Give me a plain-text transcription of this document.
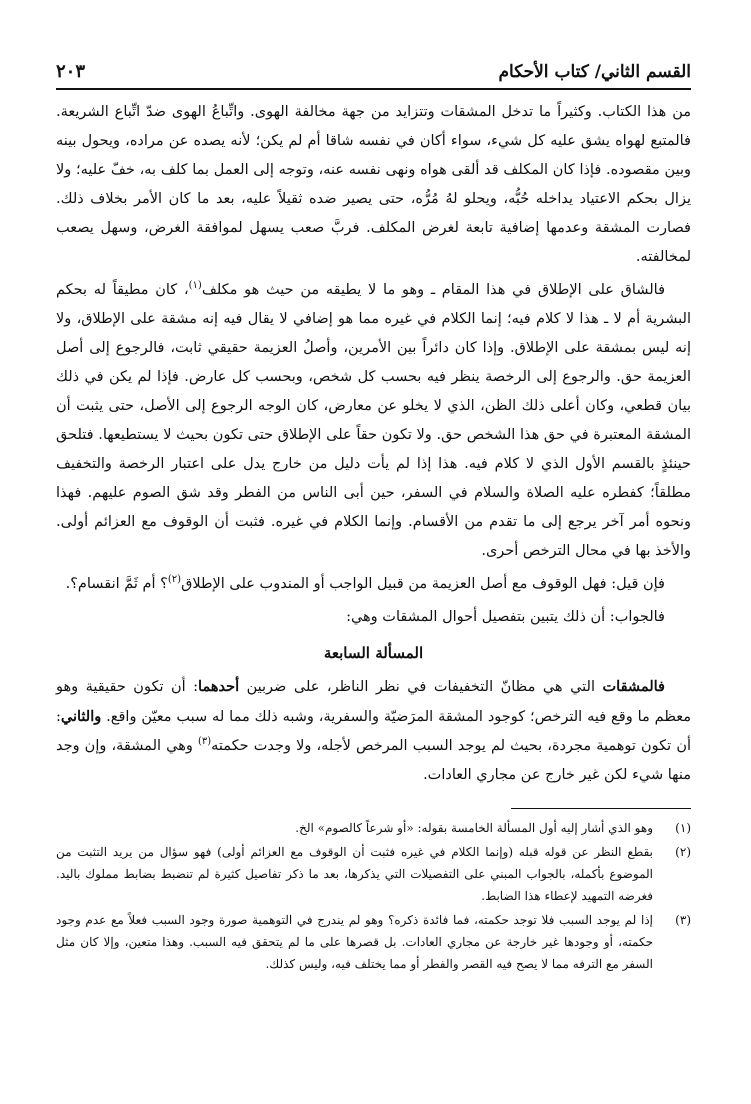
القسم الثاني/ كتاب الأحكام
٢٠٣

من هذا الكتاب. وكثيراً ما تدخل المشقات وتتزايد من جهة مخالفة الهوى. واتِّباعُ الهوى ضدّ اتِّباع الشريعة. فالمتبع لهواه يشق عليه كل شيء، سواء أكان في نفسه شاقا أم لم يكن؛ لأنه يصده عن مراده، ويحول بينه وبين مقصوده. فإذا كان المكلف قد ألقى هواه ونهى نفسه عنه، وتوجه إلى العمل بما كلف به، خفّ عليه؛ ولا يزال بحكم الاعتياد يداخله حُبُّه، ويحلو لهُ مُرُّه، حتى يصير ضده ثقيلاً عليه، بعد ما كان الأمر بخلاف ذلك. فصارت المشقة وعدمها إضافية تابعة لغرض المكلف. فربَّ صعب يسهل لموافقة الغرض، وسهل يصعب لمخالفته.

فالشاق على الإطلاق في هذا المقام ـ وهو ما لا يطيقه من حيث هو مكلف$^{(١)}$، كان مطيقاً له بحكم البشرية أم لا ـ هذا لا كلام فيه؛ إنما الكلام في غيره مما هو إضافي لا يقال فيه إنه مشقة على الإطلاق، ولا إنه ليس بمشقة على الإطلاق. وإذا كان دائراً بين الأمرين، وأصلُ العزيمة حقيقي ثابت، فالرجوع إلى أصل العزيمة حق. والرجوع إلى الرخصة ينظر فيه بحسب كل شخص، وبحسب كل عارض. فإذا لم يكن في ذلك بيان قطعي، وكان أعلى ذلك الظن، الذي لا يخلو عن معارض، كان الوجه الرجوع إلى الأصل، حتى يثبت أن المشقة المعتبرة في حق هذا الشخص حق. ولا تكون حقاً على الإطلاق حتى تكون بحيث لا يستطيعها. فتلحق حينئذٍ بالقسم الأول الذي لا كلام فيه. هذا إذا لم يأت دليل من خارج يدل على اعتبار الرخصة والتخفيف مطلقاً؛ كفطره عليه الصلاة والسلام في السفر، حين أبى الناس من الفطر وقد شق الصوم عليهم. فهذا ونحوه أمر آخر يرجع إلى ما تقدم من الأقسام. وإنما الكلام في غيره. فثبت أن الوقوف مع العزائم أولى. والأخذ بها في محال الترخص أحرى.

فإن قيل: فهل الوقوف مع أصل العزيمة من قبيل الواجب أو المندوب على الإطلاق$^{(٢)}$؟ أم ثَمَّ انقسام؟.

فالجواب: أن ذلك يتبين بتفصيل أحوال المشقات وهي:

المسألة السابعة

فالمشقات التي هي مظانّ التخفيفات في نظر الناظر، على ضربين أحدهما: أن تكون حقيقية وهو معظم ما وقع فيه الترخص؛ كوجود المشقة المرَضيّة والسفرية، وشبه ذلك مما له سبب معيّن واقع. والثاني: أن تكون توهمية مجردة، بحيث لم يوجد السبب المرخص لأجله، ولا وجدت حكمته$^{(٣)}$ وهي المشقة، وإن وجد منها شيء لكن غير خارج عن مجاري العادات.

(١)
وهو الذي أشار إليه أول المسألة الخامسة بقوله: «أو شرعاً كالصوم» الخ.
(٢)
بقطع النظر عن قوله قبله (وإنما الكلام في غيره فثبت أن الوقوف مع العزائم أولى) فهو سؤال من يريد التثبت من الموضوع بأكمله، بالجواب المبني على التفصيلات التي يذكرها، بعد ما ذكر تفاصيل كثيرة لم تنضبط بضابط مملوك باليد. فغرضه التمهيد لإعطاء هذا الضابط.
(٣)
إذا لم يوجد السبب فلا توجد حكمته، فما فائدة ذكره؟ وهو لم يندرج في التوهمية صورة وجود السبب فعلاً مع عدم وجود حكمته، أو وجودها غير خارجة عن مجاري العادات. بل قصرها على ما لم يتحقق فيه السبب. وهذا متعين، وإلا كان مثل السفر مع الترفه مما لا يصح فيه القصر والفطر أو مما يختلف فيه، وليس كذلك.
